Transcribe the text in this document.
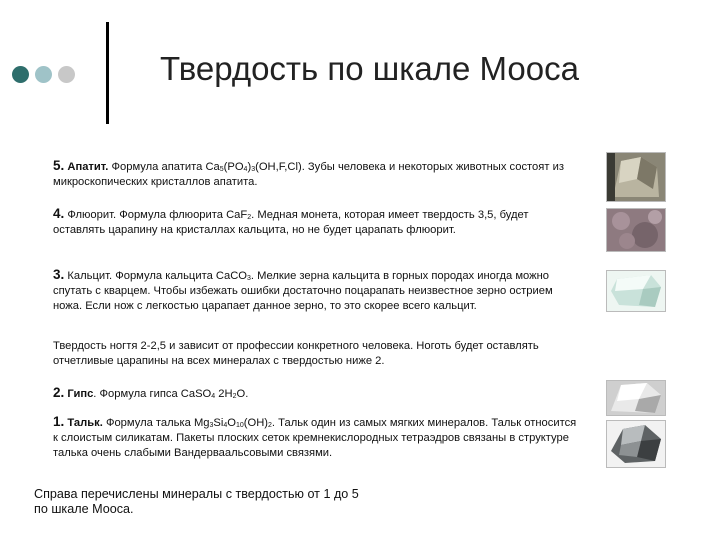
Твердость по шкале Мооса
5. Апатит. Формула апатита $Ca_5(PO_4)_3(OH,F,Cl)$. Зубы человека и некоторых животных состоят из микроскопических кристаллов апатита.
4. Флюорит. Формула флюорита CaF$_2$. Медная монета, которая имеет твердость 3,5, будет оставлять царапину на кристаллах кальцита, но не будет царапать флюорит.
3. Кальцит. Формула кальцита CaCO$_3$. Мелкие зерна кальцита в горных породах иногда можно спутать с кварцем. Чтобы избежать ошибки достаточно поцарапать неизвестное зерно острием ножа. Если нож с легкостью царапает данное зерно, то это скорее всего кальцит.
Твердость ногтя 2-2,5 и зависит от профессии конкретного человека. Ноготь будет оставлять отчетливые царапины на всех минералах с твердостью ниже 2.
2. Гипс. Формула гипса CaSO$_4$ $2H_2O$.
1. Тальк. Формула талька $Mg_3Si_4O_{10}(OH)_2$. Тальк один из самых мягких минералов. Тальк относится к слоистым силикатам. Пакеты плоских сеток кремнекислородных тетраэдров связаны в структуре талька очень слабыми Вандерваальсовыми связями.
Справа перечислены минералы с твердостью от 1 до 5 по шкале Мооса.
